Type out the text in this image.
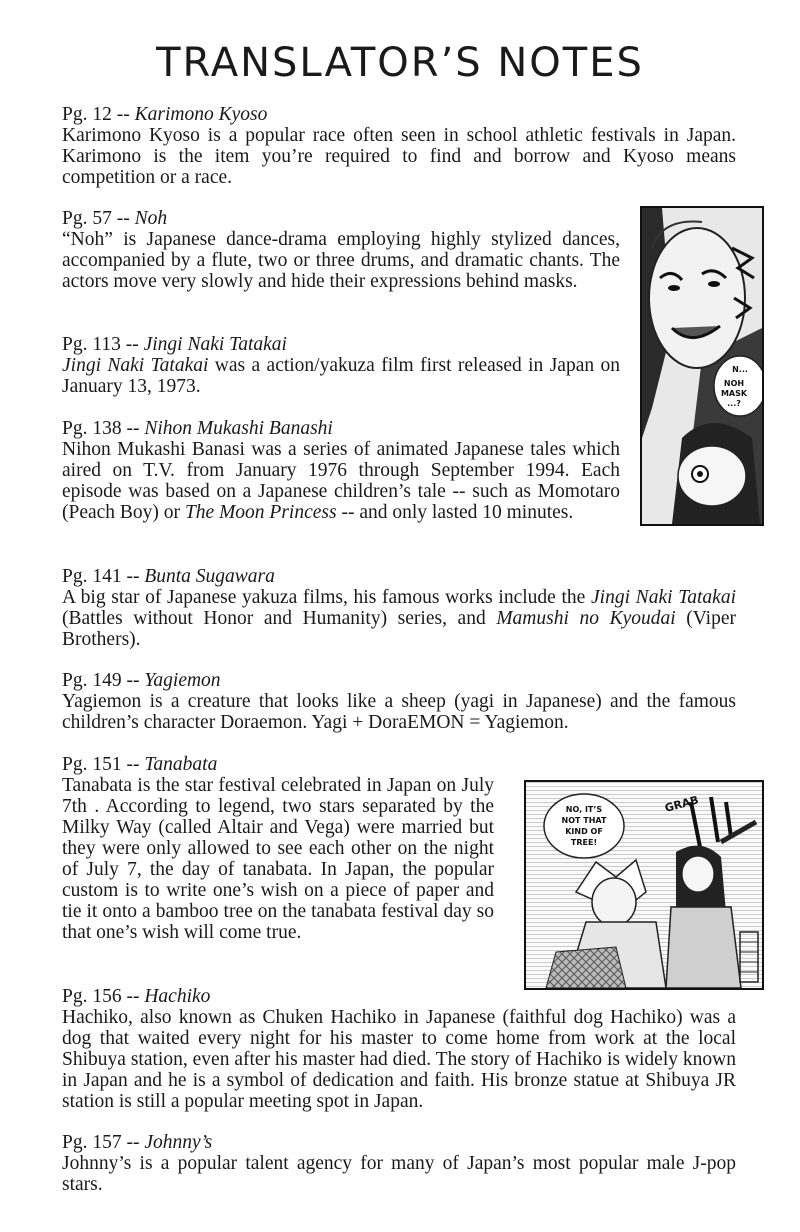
TRANSLATOR’S NOTES

Pg. 12 -- Karimono Kyoso

Karimono Kyoso is a popular race often seen in school athletic festivals in Japan. Karimono is the item you’re required to find and borrow and Kyoso means competition or a race.

Pg. 57 -- Noh

“Noh” is Japanese dance-drama employing highly stylized dances, accompanied by a flute, two or three drums, and dramatic chants. The actors move very slowly and hide their expressions behind masks.

Pg. 113 -- Jingi Naki Tatakai

Jingi Naki Tatakai was a action/yakuza film first released in Japan on January 13, 1973.

Pg. 138 -- Nihon Mukashi Banashi

Nihon Mukashi Banasi was a series of animated Japanese tales which aired on T.V. from January 1976 through September 1994. Each episode was based on a Japanese children’s tale -- such as Momotaro (Peach Boy) or The Moon Princess -- and only lasted 10 minutes.

Pg. 141 -- Bunta Sugawara

A big star of Japanese yakuza films, his famous works include the Jingi Naki Tatakai (Battles without Honor and Humanity) series, and Mamushi no Kyoudai (Viper Brothers).

Pg. 149 -- Yagiemon

Yagiemon is a creature that looks like a sheep (yagi in Japanese) and the famous children’s character Doraemon. Yagi + DoraEMON = Yagiemon.

Pg. 151 -- Tanabata

Tanabata is the star festival celebrated in Japan on July 7th . According to legend, two stars separated by the Milky Way (called Altair and Vega) were married but they were only allowed to see each other on the night of July 7, the day of tanabata. In Japan, the popular custom is to write one’s wish on a piece of paper and tie it onto a bamboo tree on the tanabata festival day so that one’s wish will come true.

Pg. 156 -- Hachiko

Hachiko, also known as Chuken Hachiko in Japanese (faithful dog Hachiko) was a dog that waited every night for his master to come home from work at the local Shibuya station, even after his master had died. The story of Hachiko is widely known in Japan and he is a symbol of dedication and faith. His bronze statue at Shibuya JR station is still a popular meeting spot in Japan.

Pg. 157 -- Johnny’s

Johnny’s is a popular talent agency for many of Japan’s most popular male J-pop stars.

N...
NOH
MASK
...?
NO, IT’S
NOT THAT
KIND OF
TREE!
GRAB
